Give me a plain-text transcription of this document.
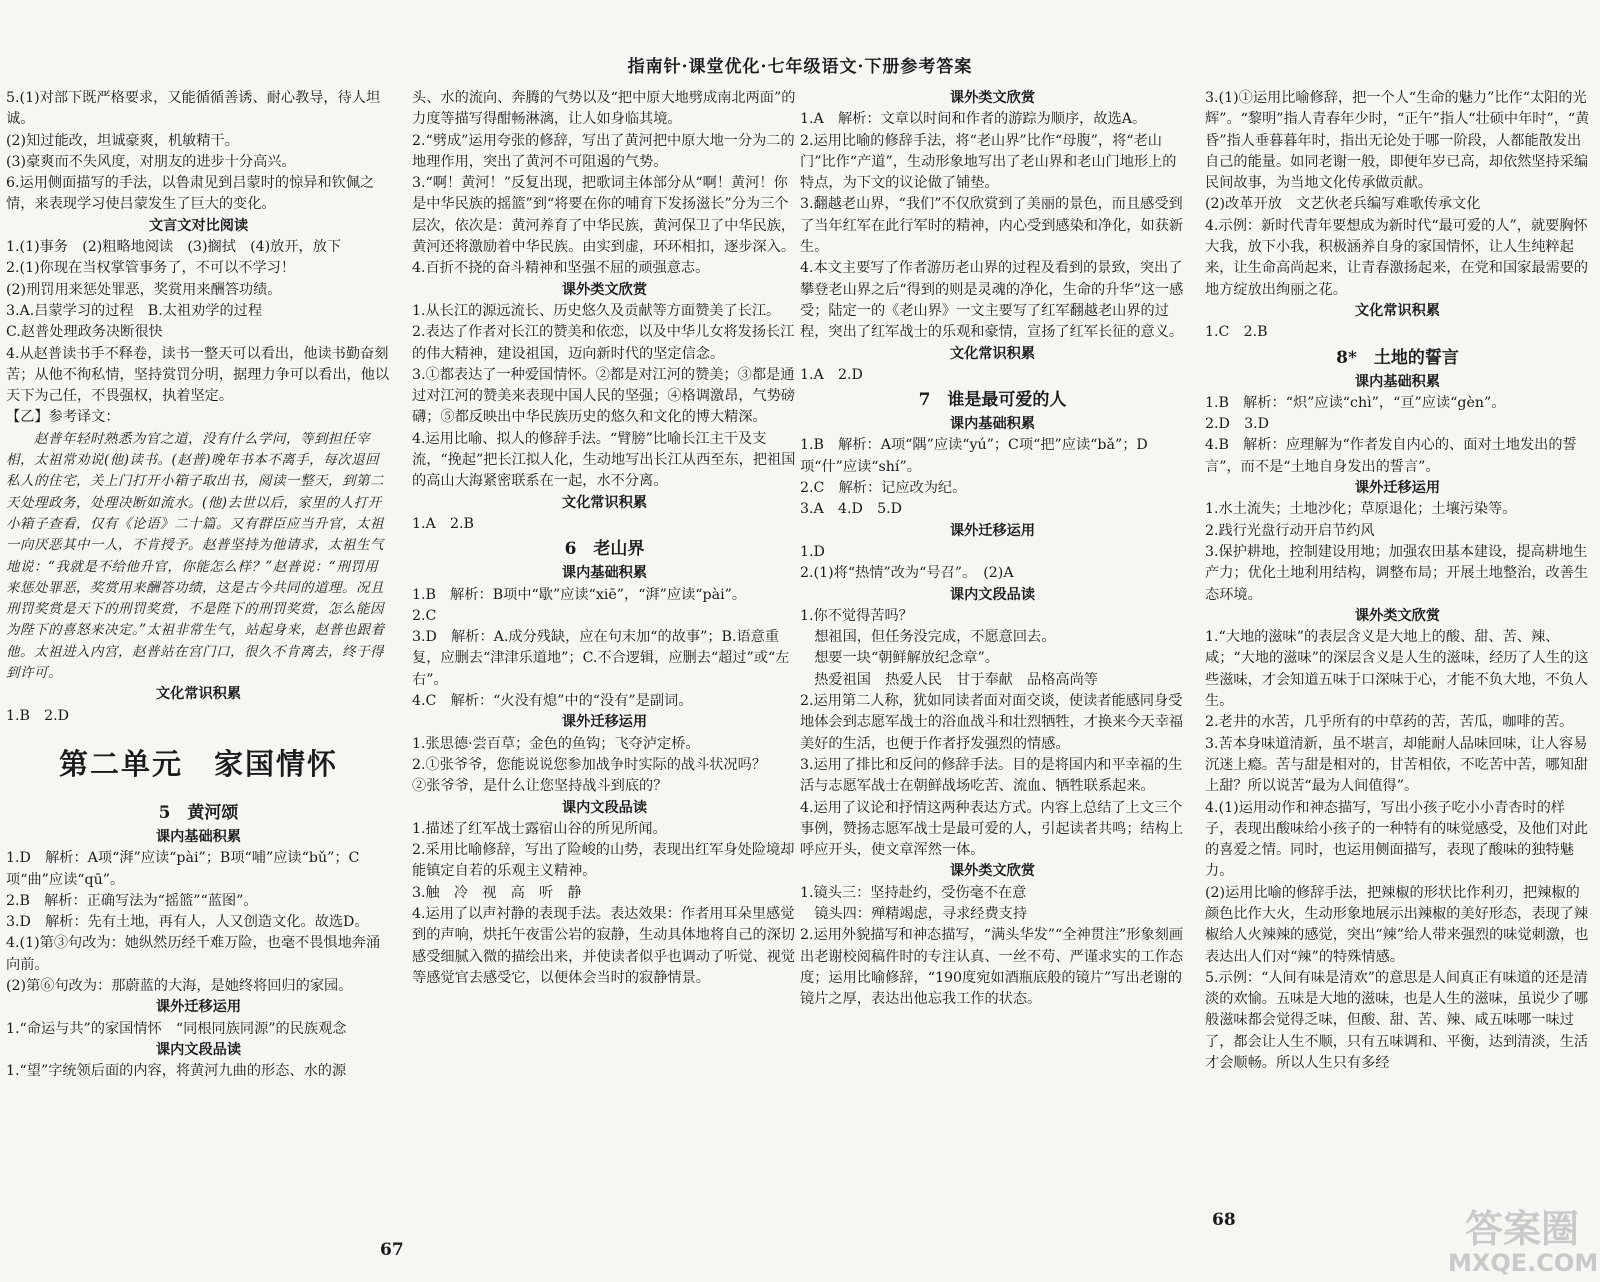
指南针·课堂优化·七年级语文·下册参考答案
5.(1)对部下既严格要求，又能循循善诱、耐心教导，待人坦诚。
(2)知过能改，坦诚豪爽，机敏精干。
(3)豪爽而不失风度，对朋友的进步十分高兴。
6.运用侧面描写的手法，以鲁肃见到吕蒙时的惊异和钦佩之情，来表现学习使吕蒙发生了巨大的变化。
文言文对比阅读
1.(1)事务　(2)粗略地阅读　(3)搁拭　(4)放开，放下
2.(1)你现在当权掌管事务了，不可以不学习！
(2)刑罚用来惩处罪恶，奖赏用来酬答功绩。
3.A.吕蒙学习的过程　B.太祖劝学的过程
C.赵普处理政务决断很快
4.从赵普读书手不释卷，读书一整天可以看出，他读书勤奋刻苦；从他不徇私情，坚持赏罚分明，据理力争可以看出，他以天下为己任，不畏强权，执着坚定。
【乙】参考译文：
　　赵普年轻时熟悉为官之道，没有什么学问，等到担任宰相，太祖常劝说(他)读书。(赵普)晚年书本不离手，每次退回私人的住宅，关上门打开小箱子取出书，阅读一整天，到第二天处理政务，处理决断如流水。(他)去世以后，家里的人打开小箱子查看，仅有《论语》二十篇。又有群臣应当升官，太祖一向厌恶其中一人，不肯授予。赵普坚持为他请求，太祖生气地说：“我就是不给他升官，你能怎么样？”赵普说：“刑罚用来惩处罪恶，奖赏用来酬答功绩，这是古今共同的道理。况且刑罚奖赏是天下的刑罚奖赏，不是陛下的刑罚奖赏，怎么能因为陛下的喜怒来决定。”太祖非常生气，站起身来，赵普也跟着他。太祖进入内宫，赵普站在宫门口，很久不肯离去，终于得到许可。
文化常识积累
1.B　2.D
第二单元　家国情怀
5　黄河颂
课内基础积累
1.D　解析：A项“湃”应读“pài”；B项“哺”应读“bǔ”；C项“曲”应读“qū”。
2.B　解析：正确写法为“摇篮”“蓝图”。
3.D　解析：先有土地，再有人，人又创造文化。故选D。
4.(1)第③句改为：她纵然历经千难万险，也毫不畏惧地奔涌向前。
(2)第⑥句改为：那蔚蓝的大海，是她终将回归的家园。
课外迁移运用
1.“命运与共”的家国情怀　“同根同族同源”的民族观念
课内文段品读
1.“望”字统领后面的内容，将黄河九曲的形态、水的源
头、水的流向、奔腾的气势以及“把中原大地劈成南北两面”的力度等描写得酣畅淋漓，让人如身临其境。
2.“劈成”运用夸张的修辞，写出了黄河把中原大地一分为二的地理作用，突出了黄河不可阻遏的气势。
3.“啊！黄河！”反复出现，把歌词主体部分从“啊！黄河！你是中华民族的摇篮”到“将要在你的哺育下发扬滋长”分为三个层次，依次是：黄河养育了中华民族，黄河保卫了中华民族，黄河还将激励着中华民族。由实到虚，环环相扣，逐步深入。
4.百折不挠的奋斗精神和坚强不屈的顽强意志。
课外类文欣赏
1.从长江的源远流长、历史悠久及贡献等方面赞美了长江。
2.表达了作者对长江的赞美和依恋，以及中华儿女将发扬长江的伟大精神，建设祖国，迈向新时代的坚定信念。
3.①都表达了一种爱国情怀。②都是对江河的赞美；③都是通过对江河的赞美来表现中国人民的坚强；④格调激昂，气势磅礴；⑤都反映出中华民族历史的悠久和文化的博大精深。
4.运用比喻、拟人的修辞手法。“臂膀”比喻长江主干及支流，“挽起”把长江拟人化，生动地写出长江从西至东，把祖国的高山大海紧密联系在一起，水不分离。
文化常识积累
1.A　2.B
6　老山界
课内基础积累
1.B　解析：B项中“歇”应读“xiē”，“湃”应读“pài”。
2.C
3.D　解析：A.成分残缺，应在句末加“的故事”；B.语意重复，应删去“津津乐道地”；C.不合逻辑，应删去“超过”或“左右”。
4.C　解析：“火没有熄”中的“没有”是副词。
课外迁移运用
1.张思德·尝百草；金色的鱼钩；飞夺泸定桥。
2.①张爷爷，您能说说您参加战争时实际的战斗状况吗？
②张爷爷，是什么让您坚持战斗到底的？
课内文段品读
1.描述了红军战士露宿山谷的所见所闻。
2.采用比喻修辞，写出了险峻的山势，表现出红军身处险境却能镇定自若的乐观主义精神。
3.触　冷　视　高　听　静
4.运用了以声衬静的表现手法。表达效果：作者用耳朵里感觉到的声响，烘托午夜雷公岩的寂静，生动具体地将自己的深切感受细腻入微的描绘出来，并使读者似乎也调动了听觉、视觉等感觉官去感受它，以便体会当时的寂静情景。
课外类文欣赏
1.A　解析：文章以时间和作者的游踪为顺序，故选A。
2.运用比喻的修辞手法，将“老山界”比作“母腹”，将“老山门”比作“产道”，生动形象地写出了老山界和老山门地形上的特点，为下文的议论做了铺垫。
3.翻越老山界，“我们”不仅欣赏到了美丽的景色，而且感受到了当年红军在此行军时的精神，内心受到感染和净化，如获新生。
4.本文主要写了作者游历老山界的过程及看到的景致，突出了攀登老山界之后“得到的则是灵魂的净化，生命的升华”这一感受；陆定一的《老山界》一文主要写了红军翻越老山界的过程，突出了红军战士的乐观和豪情，宣扬了红军长征的意义。
文化常识积累
1.A　2.D
7　谁是最可爱的人
课内基础积累
1.B　解析：A项“隅”应读“yú”；C项“把”应读“bǎ”；D项“什”应读“shí”。
2.C　解析：记应改为纪。
3.A　4.D　5.D
课外迁移运用
1.D
2.(1)将“热情”改为“号召”。　(2)A
课内文段品读
1.你不觉得苦吗？
　想祖国，但任务没完成，不愿意回去。
　想要一块“朝鲜解放纪念章”。
　热爱祖国　热爱人民　甘于奉献　品格高尚等
2.运用第二人称，犹如同读者面对面交谈，使读者能感同身受地体会到志愿军战士的浴血战斗和壮烈牺牲，才换来今天幸福美好的生活，也便于作者抒发强烈的情感。
3.运用了排比和反问的修辞手法。目的是将国内和平幸福的生活与志愿军战士在朝鲜战场吃苦、流血、牺牲联系起来。
4.运用了议论和抒情这两种表达方式。内容上总结了上文三个事例，赞扬志愿军战士是最可爱的人，引起读者共鸣；结构上呼应开头，使文章浑然一体。
课外类文欣赏
1.镜头三：坚持赴约，受伤毫不在意
　镜头四：殚精竭虑，寻求经费支持
2.运用外貌描写和神态描写，“满头华发”“全神贯注”形象刻画出老谢校阅稿件时的专注认真、一丝不苟、严谨求实的工作态度；运用比喻修辞，“190度宛如酒瓶底般的镜片”写出老谢的镜片之厚，表达出他忘我工作的状态。
3.(1)①运用比喻修辞，把一个人“生命的魅力”比作“太阳的光辉”。“黎明”指人青春年少时，“正午”指人“壮硕中年时”，“黄昏”指人垂暮暮年时，指出无论处于哪一阶段，人都能散发出自己的能量。如同老谢一般，即便年岁已高，却依然坚持采编民间故事，为当地文化传承做贡献。
(2)改革开放　文艺伙老兵编写难歌传承文化
4.示例：新时代青年要想成为新时代“最可爱的人”，就要胸怀大我，放下小我，积极涵养自身的家国情怀，让人生纯粹起来，让生命高尚起来，让青春激扬起来，在党和国家最需要的地方绽放出绚丽之花。
文化常识积累
1.C　2.B
8*　土地的誓言
课内基础积累
1.B　解析：“炽”应读“chì”，“亘”应读“gèn”。
2.D　3.D
4.B　解析：应理解为“作者发自内心的、面对土地发出的誓言”，而不是“土地自身发出的誓言”。
课外迁移运用
1.水土流失；土地沙化；草原退化；土壤污染等。
2.践行光盘行动开启节约风
3.保护耕地，控制建设用地；加强农田基本建设，提高耕地生产力；优化土地利用结构，调整布局；开展土地整治，改善生态环境。
课外类文欣赏
1.“大地的滋味”的表层含义是大地上的酸、甜、苦、辣、咸；“大地的滋味”的深层含义是人生的滋味，经历了人生的这些滋味，才会知道五味于口深味于心，才能不负大地，不负人生。
2.老井的水苦，几乎所有的中草药的苦，苦瓜，咖啡的苦。
3.苦本身味道清新，虽不堪言，却能耐人品味回味，让人容易沉迷上瘾。苦与甜是相对的，甘苦相依，不吃苦中苦，哪知甜上甜？所以说苦“最为人间值得”。
4.(1)运用动作和神态描写，写出小孩子吃小小青杏时的样子，表现出酸味给小孩子的一种特有的味觉感受，及他们对此的喜爱之情。同时，也运用侧面描写，表现了酸味的独特魅力。
(2)运用比喻的修辞手法，把辣椒的形状比作利刃，把辣椒的颜色比作大火，生动形象地展示出辣椒的美好形态，表现了辣椒给人火辣辣的感觉，突出“辣”给人带来强烈的味觉刺激，也表达出人们对“辣”的特殊情感。
5.示例：“人间有味是清欢”的意思是人间真正有味道的还是清淡的欢愉。五味是大地的滋味，也是人生的滋味，虽说少了哪般滋味都会觉得乏味，但酸、甜、苦、辣、咸五味哪一味过了，都会让人生不顺，只有五味调和、平衡，达到清淡，生活才会顺畅。所以人生只有多经
67
68	答案圈
MXQE.COM
